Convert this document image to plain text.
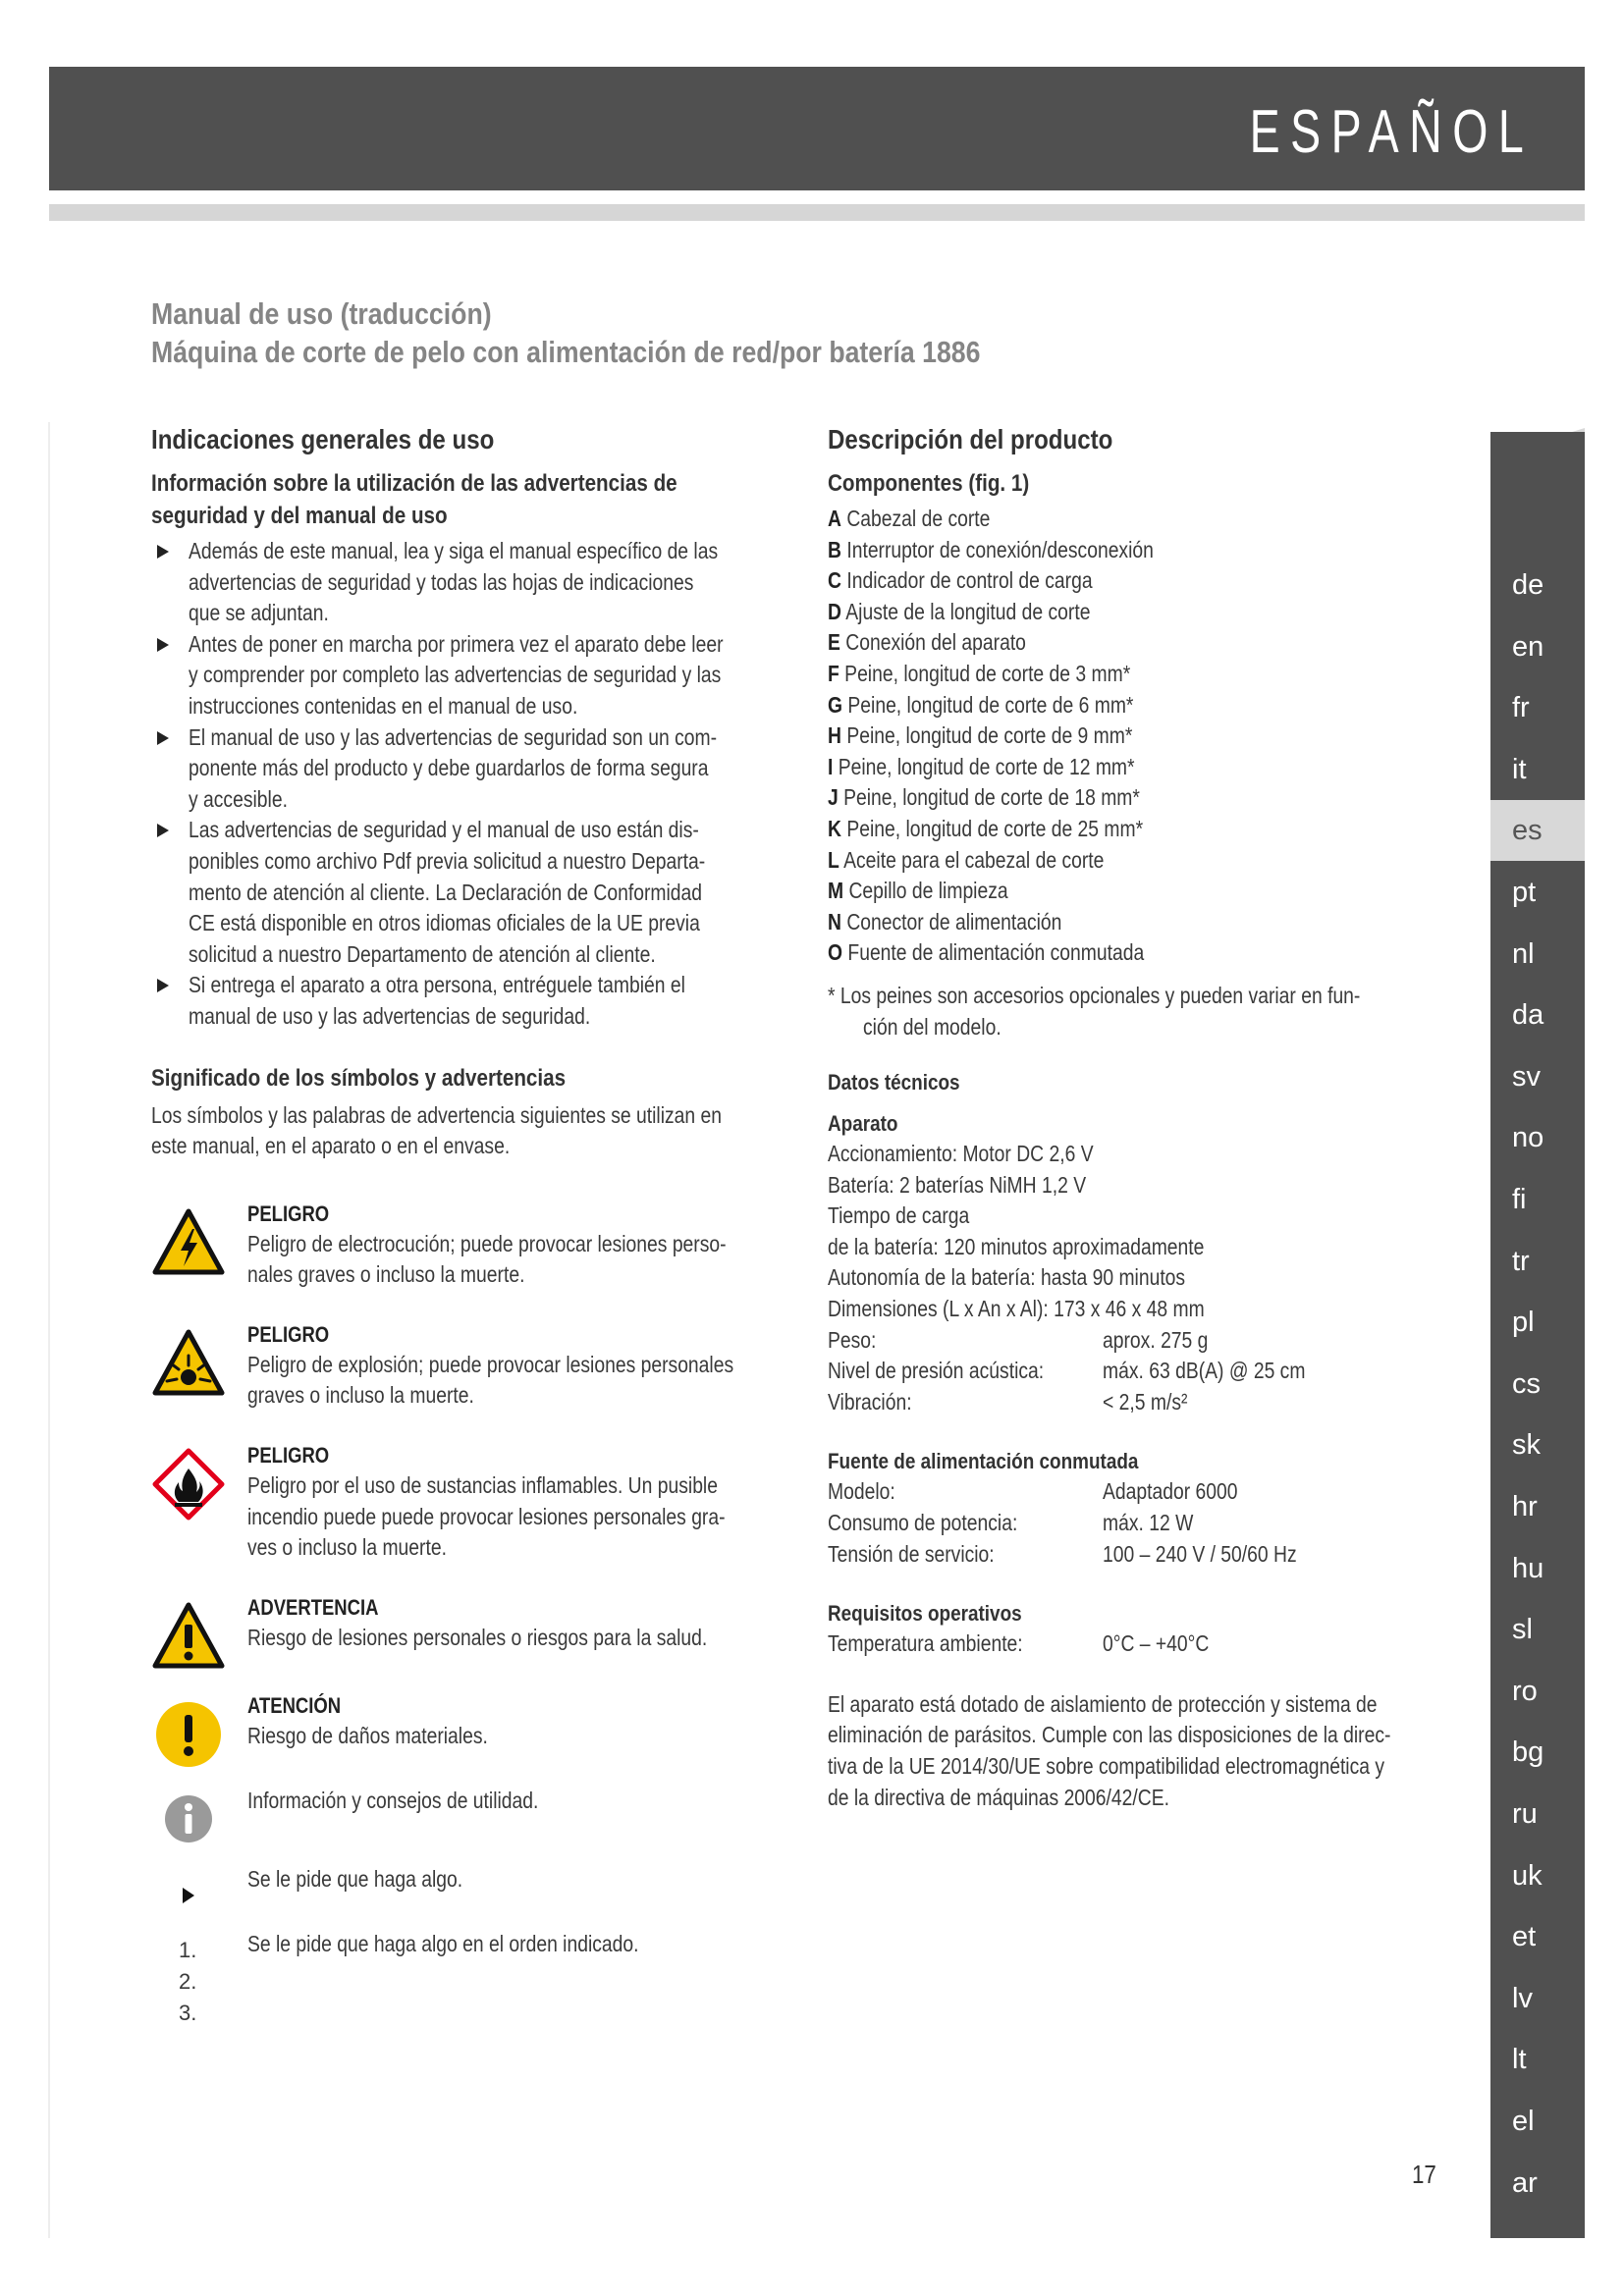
ESPAÑOL
Manual de uso (traducción)
Máquina de corte de pelo con alimentación de red/por batería 1886
Indicaciones generales de uso
Información sobre la utilización de las advertencias de
seguridad y del manual de uso
Además de este manual, lea y siga el manual específico de las
advertencias de seguridad y todas las hojas de indicaciones
que se adjuntan.
Antes de poner en marcha por primera vez el aparato debe leer
y comprender por completo las advertencias de seguridad y las
instrucciones contenidas en el manual de uso.
El manual de uso y las advertencias de seguridad son un com-
ponente más del producto y debe guardarlos de forma segura
y accesible.
Las advertencias de seguridad y el manual de uso están dis-
ponibles como archivo Pdf previa solicitud a nuestro Departa-
mento de atención al cliente. La Declaración de Conformidad
CE está disponible en otros idiomas oficiales de la UE previa
solicitud a nuestro Departamento de atención al cliente.
Si entrega el aparato a otra persona, entréguele también el
manual de uso y las advertencias de seguridad.
Significado de los símbolos y advertencias
Los símbolos y las palabras de advertencia siguientes se utilizan en
este manual, en el aparato o en el envase.
PELIGRO
Peligro de electrocución; puede provocar lesiones perso-
nales graves o incluso la muerte.
PELIGRO
Peligro de explosión; puede provocar lesiones personales
graves o incluso la muerte.
PELIGRO
Peligro por el uso de sustancias inflamables. Un pusible
incendio puede puede provocar lesiones personales gra-
ves o incluso la muerte.
ADVERTENCIA
Riesgo de lesiones personales o riesgos para la salud.
ATENCIÓN
Riesgo de daños materiales.
Información y consejos de utilidad.
Se le pide que haga algo.
1.
2.
3.
Se le pide que haga algo en el orden indicado.
Descripción del producto
Componentes (fig. 1)
A Cabezal de corte
B Interruptor de conexión/desconexión
C Indicador de control de carga
D Ajuste de la longitud de corte
E Conexión del aparato
F Peine, longitud de corte de 3 mm*
G Peine, longitud de corte de 6 mm*
H Peine, longitud de corte de 9 mm*
I Peine, longitud de corte de 12 mm*
J Peine, longitud de corte de 18 mm*
K Peine, longitud de corte de 25 mm*
L Aceite para el cabezal de corte
M Cepillo de limpieza
N Conector de alimentación
O Fuente de alimentación conmutada
* Los peines son accesorios opcionales y pueden variar en fun-
ción del modelo.
Datos técnicos
Aparato
Accionamiento: Motor DC 2,6 V
Batería: 2 baterías NiMH 1,2 V
Tiempo de carga
de la batería: 120 minutos aproximadamente
Autonomía de la batería: hasta 90 minutos
Dimensiones (L x An x Al): 173 x 46 x 48 mm
Peso:	aprox. 275 g
Nivel de presión acústica:	máx. 63 dB(A) @ 25 cm
Vibración:	< 2,5 m/s²
Fuente de alimentación conmutada
Modelo:	Adaptador 6000
Consumo de potencia:	máx. 12 W
Tensión de servicio:	100 – 240 V / 50/60 Hz
Requisitos operativos
Temperatura ambiente:	0°C – +40°C
El aparato está dotado de aislamiento de protección y sistema de
eliminación de parásitos. Cumple con las disposiciones de la direc-
tiva de la UE 2014/30/UE sobre compatibilidad electromagnética y
de la directiva de máquinas 2006/42/CE.
de
en
fr
it
es
pt
nl
da
sv
no
fi
tr
pl
cs
sk
hr
hu
sl
ro
bg
ru
uk
et
lv
lt
el
ar
17
